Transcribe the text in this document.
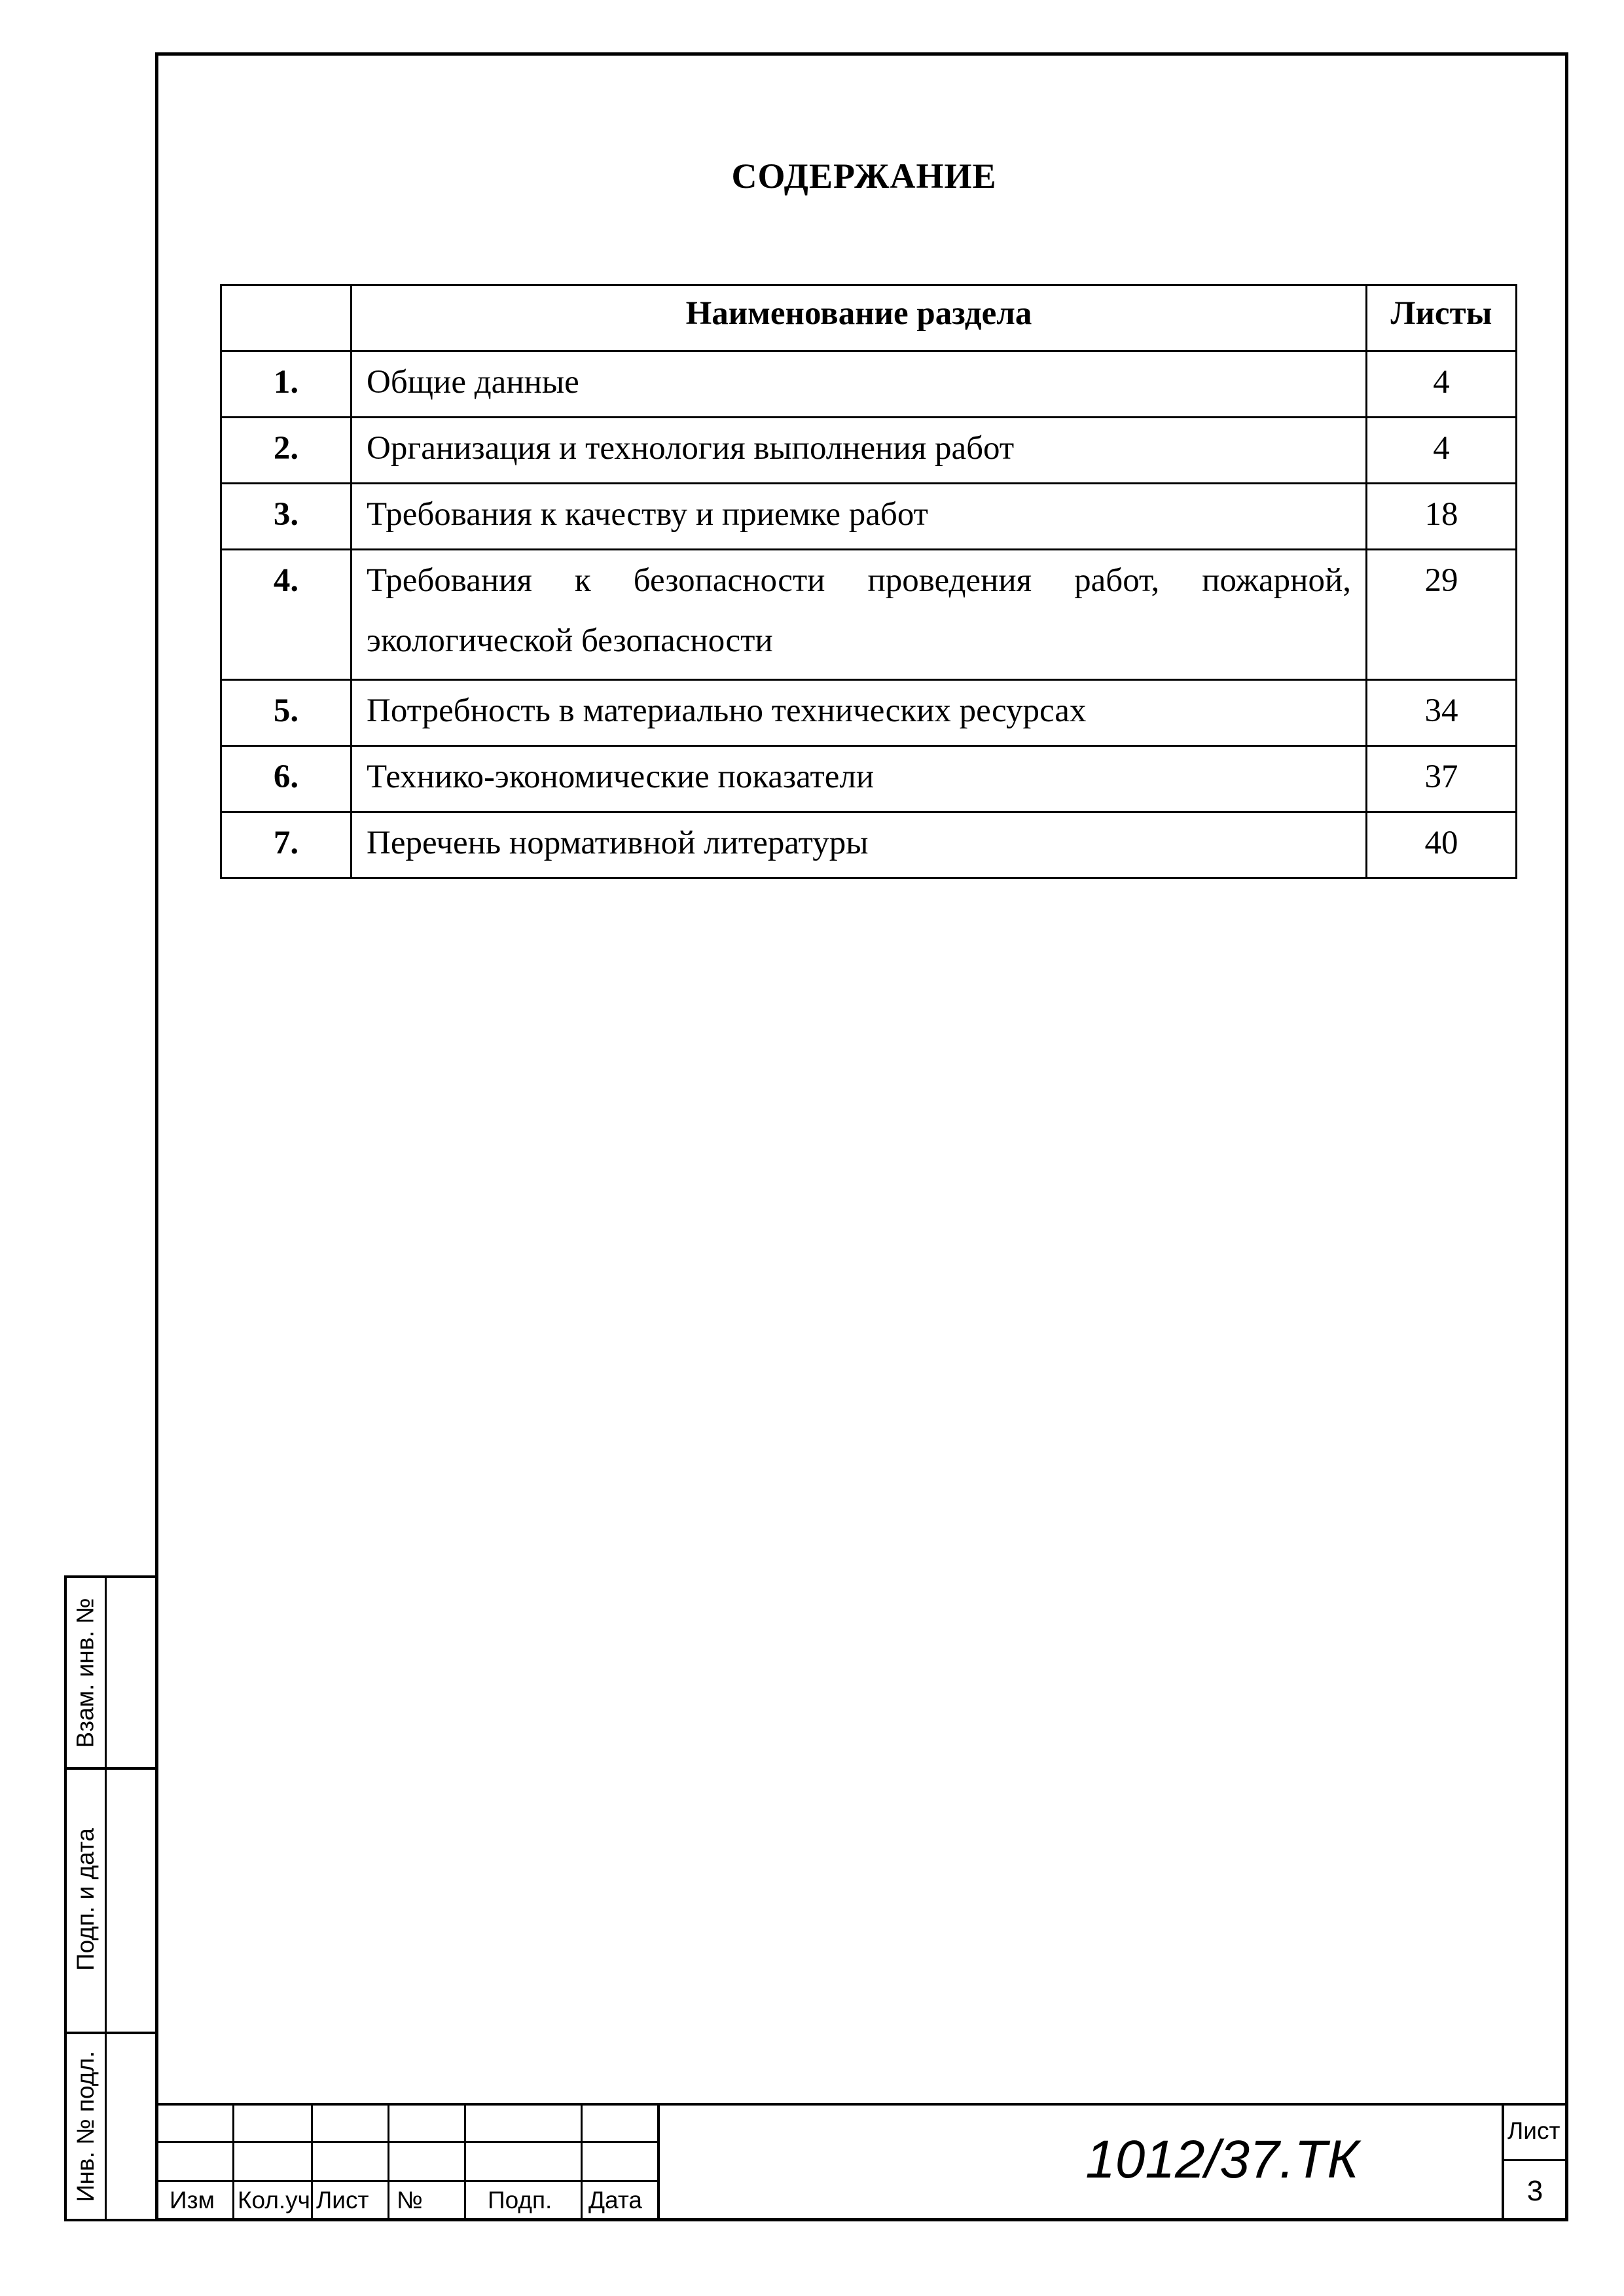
СОДЕРЖАНИЕ
	Наименование раздела	Листы
1.	Общие данные	4
2.	Организация и технология выполнения работ	4
3.	Требования к качеству и приемке работ	18
4.	Требования к безопасности проведения работ, пожарной, экологической безопасности	29
5.	Потребность в материально технических ресурсах	34
6.	Технико-экономические показатели	37
7.	Перечень нормативной литературы	40
Взам. инв. №
Подп. и дата
Инв. № подл.	Изм Кол.уч Лист №	Подп. Дата
1012/37.ТК	Лист
3
